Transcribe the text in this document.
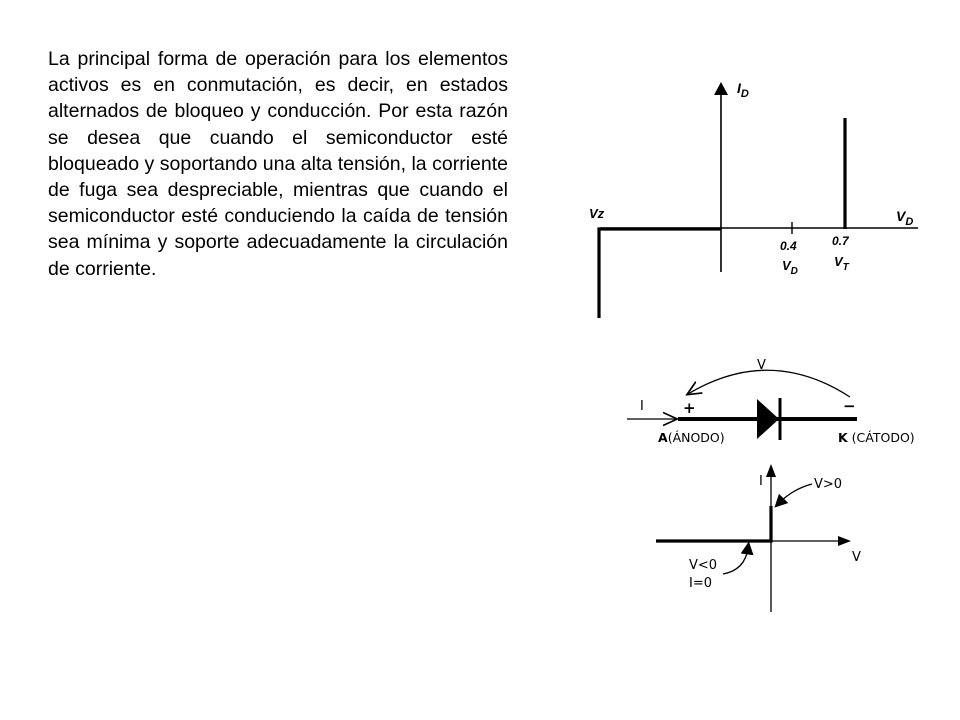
La principal forma de operación para los elementos activos es en conmutación, es decir, en estados alternados de bloqueo y conducción. Por esta razón se desea que cuando el semiconductor esté bloqueado y soportando una alta tensión, la corriente de fuga sea despreciable, mientras que cuando el semiconductor esté conduciendo la caída de tensión sea mínima y soporte adecuadamente la circulación de corriente.

$I_D$
$V_D$
Vz
0.4
$V_D$
0.7
$V_T$
V
I	+	−
A(ÁNODO)	K (CÁTODO)
I
V
V>0
V<0
I=0
